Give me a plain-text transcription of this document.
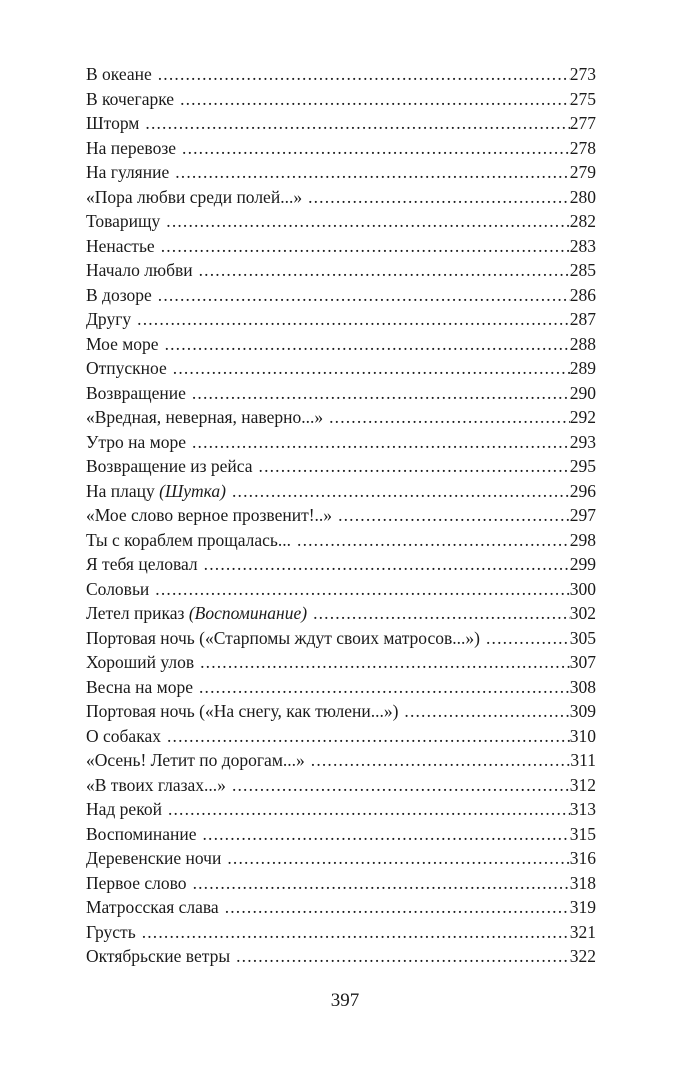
В океане . . .	273
В кочегарке . . .	275
Шторм . . .	277
На перевозе . . .	278
На гуляние . . .	279
«Пора любви среди полей...» . . .	280
Товарищу . . .	282
Ненастье . . .	283
Начало любви . . .	285
В дозоре . . .	286
Другу . . .	287
Мое море . . .	288
Отпускное . . .	289
Возвращение . . .	290
«Вредная, неверная, наверно...» . . .	292
Утро на море . . .	293
Возвращение из рейса . . .	295
На плацу (Шутка) . . .	296
«Мое слово верное прозвенит!..» . . .	297
Ты с кораблем прощалась... . . .	298
Я тебя целовал . . .	299
Соловьи . . .	300
Летел приказ (Воспоминание) . . .	302
Портовая ночь («Старпомы ждут своих матросов...») . . .	305
Хороший улов . . .	307
Весна на море . . .	308
Портовая ночь («На снегу, как тюлени...») . . .	309
О собаках . . .	310
«Осень! Летит по дорогам...» . . .	311
«В твоих глазах...» . . .	312
Над рекой . . .	313
Воспоминание . . .	315
Деревенские ночи . . .	316
Первое слово . . .	318
Матросская слава . . .	319
Грусть . . .	321
Октябрьские ветры . . .	322
397
